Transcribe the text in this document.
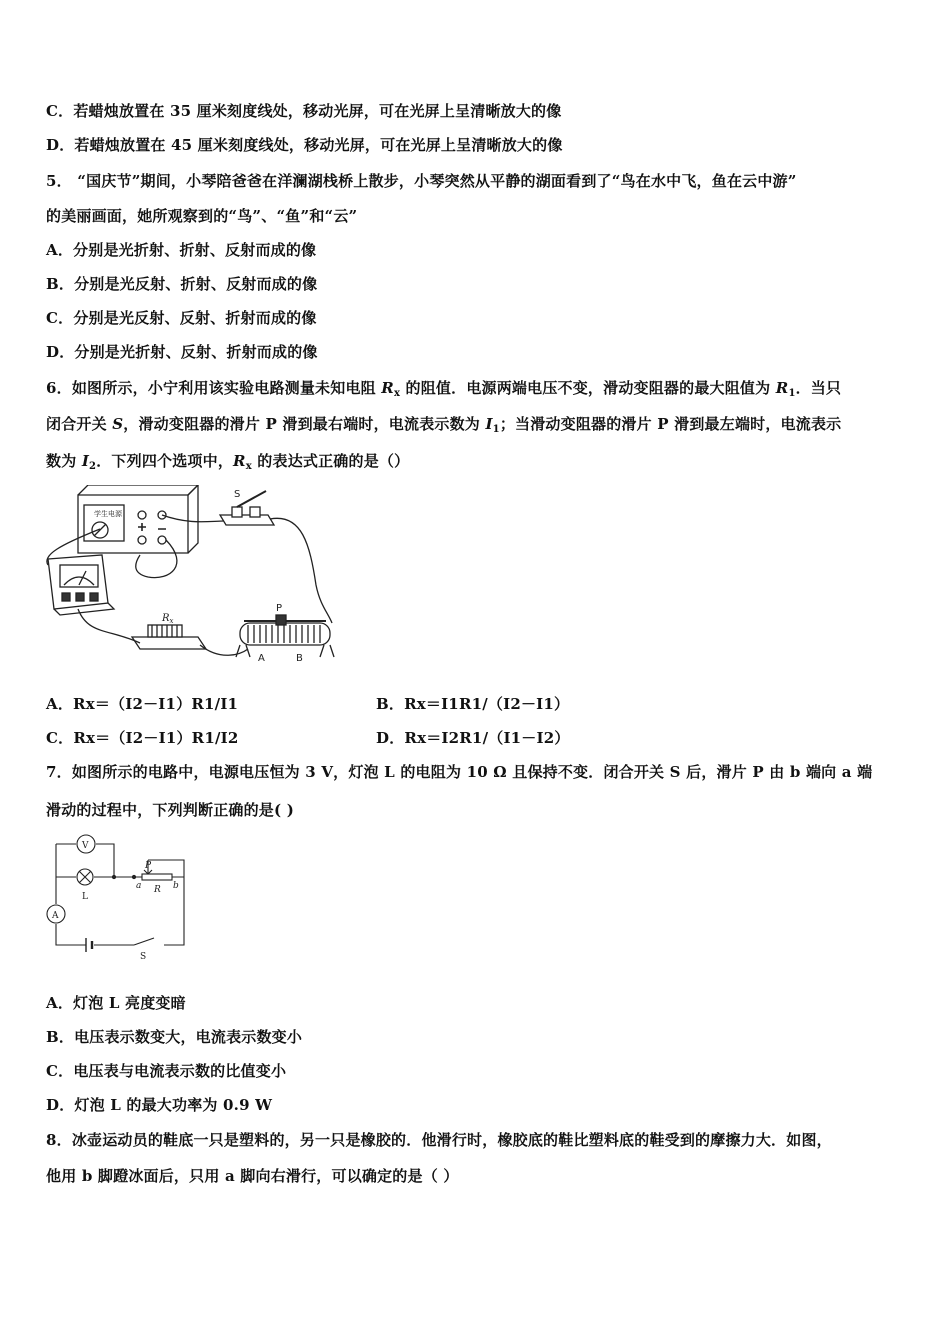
C．若蜡烛放置在 35 厘米刻度线处，移动光屏，可在光屏上呈清晰放大的像
D．若蜡烛放置在 45 厘米刻度线处，移动光屏，可在光屏上呈清晰放大的像
5． “国庆节”期间，小琴陪爸爸在洋澜湖栈桥上散步，小琴突然从平静的湖面看到了“鸟在水中飞，鱼在云中游”
的美丽画面，她所观察到的“鸟”、“鱼”和“云”
A．分别是光折射、折射、反射而成的像
B．分别是光反射、折射、反射而成的像
C．分别是光反射、反射、折射而成的像
D．分别是光折射、反射、折射而成的像
6．如图所示，小宁利用该实验电路测量未知电阻 $R_x$ 的阻值．电源两端电压不变，滑动变阻器的最大阻值为 $R_1$．当只
闭合开关 S，滑动变阻器的滑片 P 滑到最右端时，电流表示数为 $I_1$；当滑动变阻器的滑片 P 滑到最左端时，电流表示
数为 $I_2$．下列四个选项中，$R_x$ 的表达式正确的是（）
学生电源
S
$R_x$
P
A	B
A．Rx＝（I2－I1）R1/I1	B．Rx＝I1R1/（I2－I1）
C．Rx＝（I2－I1）R1/I2	D．Rx＝I2R1/（I1－I2）
7．如图所示的电路中，电源电压恒为 3 V，灯泡 L 的电阻为 10 Ω 且保持不变．闭合开关 S 后，滑片 P 由 b 端向 a 端
滑动的过程中，下列判断正确的是( )
V
A
L
P
a R b
S
A．灯泡 L 亮度变暗
B．电压表示数变大，电流表示数变小
C．电压表与电流表示数的比值变小
D．灯泡 L 的最大功率为 0.9 W
8．冰壶运动员的鞋底一只是塑料的，另一只是橡胶的．他滑行时，橡胶底的鞋比塑料底的鞋受到的摩擦力大．如图，
他用 b 脚蹬冰面后，只用 a 脚向右滑行，可以确定的是（ ）
